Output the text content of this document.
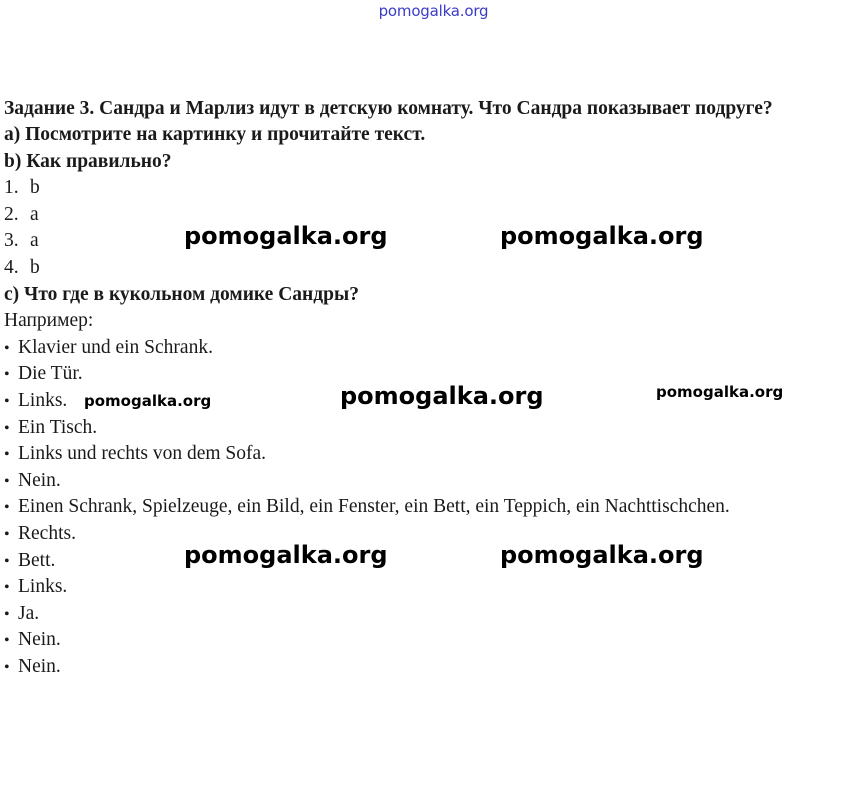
pomogalka.org
Задание 3. Сандра и Марлиз идут в детскую комнату. Что Сандра показывает подруге?
а) Посмотрите на картинку и прочитайте текст.
b) Как правильно?
1. b
2. a
3. a
4. b
c) Что где в кукольном домике Сандры?
Например:
• Klavier und ein Schrank.
• Die Tür.
• Links.
• Ein Tisch.
• Links und rechts von dem Sofa.
• Nein.
• Einen Schrank, Spielzeuge, ein Bild, ein Fenster, ein Bett, ein Teppich, ein Nachttischchen.
• Rechts.
• Bett.
• Links.
• Ja.
• Nein.
• Nein.
pomogalka.org	pomogalka.org
pomogalka.org	pomogalka.org	pomogalka.org
pomogalka.org	pomogalka.org
